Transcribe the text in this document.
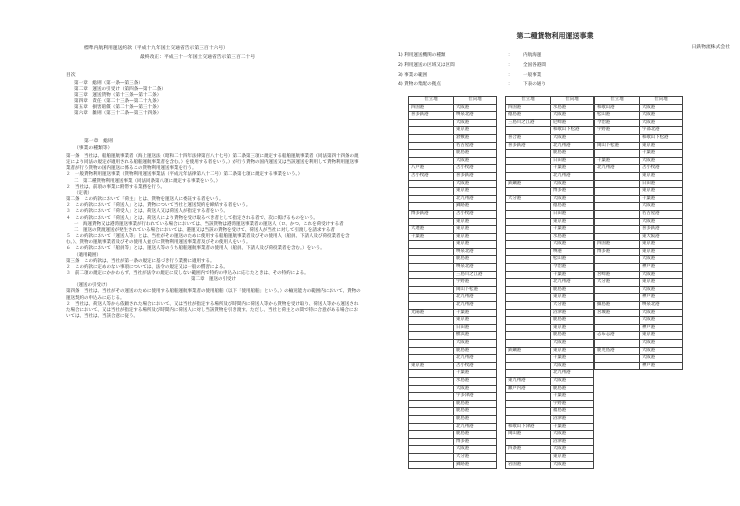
標準内航利用運送約款（平成十九年国土交通省告示第三百十六号）
最終改正：平成三十一年国土交通省告示第三百二十号
目次
第一章　総則（第一条—第三条）
第二章　運送の引受け（第四条—第十二条）
第三章　運送貨物（第十三条—第十二条）
第四章　責任（第二十三条—第二十九条）
第五章　損害賠償（第二十条—第三十条）
第六章　雑則（第三十二条—第三十四条）
第一章　総則
（事業の種類等）
第一条　当社は、船舶運航事業者（海上運送法（昭和二十四年法律第百八十七号）第二条第三項に規定する船舶運航事業者（同法第四十四条の規定により同法の規定が適用される船舶運航事業者を含む。）を使用する者をいう。）が行う貨物の国内運送又は当該運送を利用して貨物利用運送事業者が行う貨物の国内運送に係るこの貨物利用運送事業を行う。
２　一般貨物利用運送事業（貨物利用運送事業法（平成元年法律第八十二号）第二条第七項に規定する事業をいう。）
二　第二種貨物利用運送事業（同法同条第八項に規定する事業をいう。）
２　当社は、前項の事業に附帯する業務を行う。
（定義）
第二条　この約款において「荷主」とは、貨物を運送人に委託する者をいう。
２　この約款において「荷送人」とは、貨物について当社と運送契約を締結する者をいう。
３　この約款において「荷受人」とは、荷送人又は荷送人が指定する者をいう。
４　この約款において「荷送人」とは、荷送人により貨物を受け取るべき者として指定される者で、次に掲げるものをいう。
一　海運貨物又は港湾運送事業が行われている場合においては、当該貨物は港湾運送事業者の運送人（ロ、かつ、これを荷受けする者
二　運送の貸渡運送が発生されている場合においては、港運又は当該の貨物を受けて、荷送人が当社に対して引渡しを請求する者
５　この約款において「運送人等」とは、当社がその運送のために使用する船舶運航事業者及びその使用人（船員、下請人及び荷役業者を含む。）、貨物の運航事業者及びその使用人並びに貨物利用運送事業者及びその使用人をいう。
６　この約款において「船員等」とは、運送人等のうち船舶運航事業者の使用人（船員、下請人及び荷役業者を含む。）をいう。
（適用範囲）
第三条　この約款は、当社が第一条の規定に基づき行う業務に適用する。
２　この約款に定めのない事項については、法令の規定又は一般の慣習による。
３　前二項の規定にかかわらず、当社が法令の規定に反しない範囲内で特約の申込みに応じたときは、その特約による。
第二章　運送の引受け
（運送の引受け）
第四条　当社は、当社がその運送のために使用する船舶運航事業者の使用船舶（以下「使用船舶」という。）の輸送能力の範囲内において、貨物の運送契約の申込みに応じる。
２　当社は、荷送人等から依頼された場合において、又は当社が指定する場所及び時間内に荷送人等から貨物を受け取り、荷送人等から運送された場合において、又は当社が指定する場所及び時間内に荷送人に対し当該貨物を引き渡す。ただし、当社と荷主との間で特に合意がある場合においては、当社は、当該合意に従う。
第二種貨物利用運送事業
日鉄物流株式会社
1) 利用運送機関の種類	：	内航海運
2) 利用運送の区域又は区間	：	全国各港間
3) 事業の範囲	：	一般事業
4) 貨物の集配の拠点	：	下表の通り
仕立地	仕向地
四国港	大阪港
喜多鉄港	堺泉北港
	大阪港
	東京港
	倉敷港
	名古屋港
	鹿島港
	大阪港
八戸港	苫小牧港
苫小牧港	喜多鉄港
	大阪港
	東京港
	北九州港
	釧路港
博多鉄港	苫小牧港
	東京港
大連港	東京港
千葉港	東京港
	東京港
	堺泉北港
	鹿島港
	堺泉北港
	三島川之江港
	宇野港
	岡山下松港
	北九州港
	北九州港
光陽港	千葉港
	東京港
	日田港
	横浜港
	大阪港
	鹿島港
	北九州港
東京港	苫小牧港
	千葉港
	水島港
	大阪港
	宇多津港
	鹿島港
	鹿島港
	鹿島港
	北九州港
	鹿島港
	博多港
	大阪港
	大分港
	釧路港
仕立地	仕向地
四国港	水島港
徳島港	大阪港
三島川之江港	尼崎港
	和歌山下松港
喜合港	大阪港
喜多鉄港	北九州港
	鹿島港
	日田港
	千葉港
	北九州港
鉄鋼港	大阪港
	博多港
大分港	大阪港
	徳島港
	日田港
	東京港
	千葉港
	水島港
	大阪港
	堺港
	松山港
	今治港
	千葉港
	北九州港
	鹿島港
	東京港
	大分港
	沼津港
	鹿島港
	東京港
	鹿島港
	大阪港
鉄鋼港	東京港
	千葉港
	大阪港
	北九州港
東九州港	大阪港
瀬戸内港	鹿島港
	千葉港
	宇野港
	福島港
	沼津港
和歌山下津港	千葉港
岡山港	大阪港
	沼津港
四条港	大阪港
	東京港
岩国港	大阪港
仕立地	仕向地
和歌山港	大阪港
松山港	大阪港
今治港	大阪港
宇野港	宇部北港
	和歌山下松港
岡山下松港	東京港
	千葉港
千葉港	大阪港
北九州港	苫小牧港
	東京港
	日田港
	東京港
	千葉港
	大阪港
	名古屋港
	大阪港
	喜多鉄港
	東大阪港
四国港	東京港
博多港	東京港
	大阪港
	神戸港
宮崎港	大阪港
大分港	東京港
	大阪港
	神戸港
細島港	堺泉北港
宮城港	大阪港
	大阪港
	神戸港
志布志港	東京港
	大阪港
鹿児島港	大阪港
	大阪港
	神戸港
